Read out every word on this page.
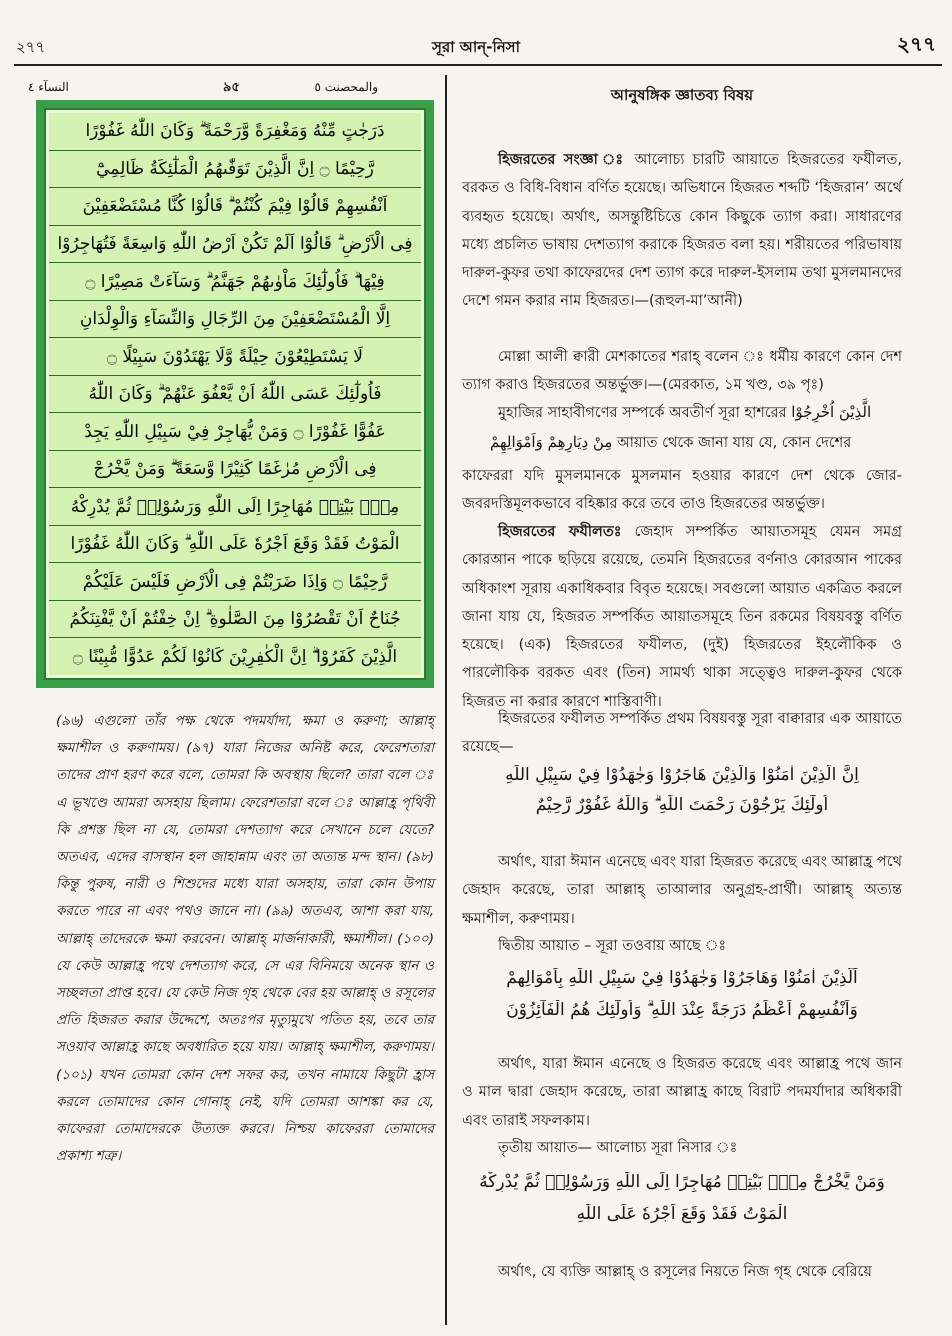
২৭৭	সূরা আন্-নিসা	২৭৭
النسآء ٤	৯৫	والمحصنت ٥
دَرَجٰتٍ مِّنْهُ وَمَغْفِرَةً وَّرَحْمَةً ۗ وَكَانَ اللّٰهُ غَفُوْرًا
رَّحِيْمًا ۝ اِنَّ الَّذِيْنَ تَوَفّٰىهُمُ الْمَلٰٓئِكَةُ ظَالِمِيْٓ
اَنْفُسِهِمْ قَالُوْا فِيْمَ كُنْتُمْ ۗ قَالُوْا كُنَّا مُسْتَضْعَفِيْنَ
فِى الْاَرْضِ ۗ قَالُوْٓا اَلَمْ تَكُنْ اَرْضُ اللّٰهِ وَاسِعَةً فَتُهَاجِرُوْا
فِيْهَا ۗ فَاُولٰٓئِكَ مَاْوٰىهُمْ جَهَنَّمُ ۗ وَسَآءَتْ مَصِيْرًا ۝
اِلَّا الْمُسْتَضْعَفِيْنَ مِنَ الرِّجَالِ وَالنِّسَآءِ وَالْوِلْدَانِ
لَا يَسْتَطِيْعُوْنَ حِيْلَةً وَّلَا يَهْتَدُوْنَ سَبِيْلًا ۝
فَاُولٰٓئِكَ عَسَى اللّٰهُ اَنْ يَّعْفُوَ عَنْهُمْ ۗ وَكَانَ اللّٰهُ
عَفُوًّا غَفُوْرًا ۝ وَمَنْ يُّهَاجِرْ فِيْ سَبِيْلِ اللّٰهِ يَجِدْ
فِى الْاَرْضِ مُرٰغَمًا كَثِيْرًا وَّسَعَةً ۗ وَمَنْ يَّخْرُجْ
مِنْۢ بَيْتِهٖ مُهَاجِرًا اِلَى اللّٰهِ وَرَسُوْلِهٖ ثُمَّ يُدْرِكْهُ
الْمَوْتُ فَقَدْ وَقَعَ اَجْرُهٗ عَلَى اللّٰهِ ۗ وَكَانَ اللّٰهُ غَفُوْرًا
رَّحِيْمًا ۝ وَاِذَا ضَرَبْتُمْ فِى الْاَرْضِ فَلَيْسَ عَلَيْكُمْ
جُنَاحٌ اَنْ تَقْصُرُوْا مِنَ الصَّلٰوةِ ۗ اِنْ خِفْتُمْ اَنْ يَّفْتِنَكُمُ
الَّذِيْنَ كَفَرُوْا ۗ اِنَّ الْكٰفِرِيْنَ كَانُوْا لَكُمْ عَدُوًّا مُّبِيْنًا ۝
(৯৬) এগুলো তাঁর পক্ষ থেকে পদমর্যাদা, ক্ষমা ও করুণা; আল্লাহ্ ক্ষমাশীল ও করুণাময়। (৯৭) যারা নিজের অনিষ্ট করে, ফেরেশতারা তাদের প্রাণ হরণ করে বলে, তোমরা কি অবস্থায় ছিলে? তারা বলে ঃ এ ভূখণ্ডে আমরা অসহায় ছিলাম। ফেরেশতারা বলে ঃ আল্লাহ্র পৃথিবী কি প্রশস্ত ছিল না যে, তোমরা দেশত্যাগ করে সেখানে চলে যেতে? অতএব, এদের বাসস্থান হল জাহান্নাম এবং তা অত্যন্ত মন্দ স্থান। (৯৮) কিন্তু পুরুষ, নারী ও শিশুদের মধ্যে যারা অসহায়, তারা কোন উপায় করতে পারে না এবং পথও জানে না। (৯৯) অতএব, আশা করা যায়, আল্লাহ্ তাদেরকে ক্ষমা করবেন। আল্লাহ্ মার্জনাকারী, ক্ষমাশীল। (১০০) যে কেউ আল্লাহ্র পথে দেশত্যাগ করে, সে এর বিনিময়ে অনেক স্থান ও সচ্ছলতা প্রাপ্ত হবে। যে কেউ নিজ গৃহ থেকে বের হয় আল্লাহ্ ও রসূলের প্রতি হিজরত করার উদ্দেশে, অতঃপর মৃত্যুমুখে পতিত হয়, তবে তার সওয়াব আল্লাহ্র কাছে অবধারিত হয়ে যায়। আল্লাহ্ ক্ষমাশীল, করুণাময়। (১০১) যখন তোমরা কোন দেশ সফর কর, তখন নামাযে কিছুটা হ্রাস করলে তোমাদের কোন গোনাহ্ নেই, যদি তোমরা আশঙ্কা কর যে, কাফেররা তোমাদেরকে উত্যক্ত করবে। নিশ্চয় কাফেররা তোমাদের প্রকাশ্য শত্রু।
আনুষঙ্গিক জ্ঞাতব্য বিষয়
হিজরতের সংজ্ঞা ঃ আলোচ্য চারটি আয়াতে হিজরতের ফযীলত, বরকত ও বিধি-বিধান বর্ণিত হয়েছে। অভিধানে হিজরত শব্দটি ‘হিজরান’ অর্থে ব্যবহৃত হয়েছে। অর্থাৎ, অসন্তুষ্টিচিত্তে কোন কিছুকে ত্যাগ করা। সাধারণের মধ্যে প্রচলিত ভাষায় দেশত্যাগ করাকে হিজরত বলা হয়। শরীয়তের পরিভাষায় দারুল-কুফর তথা কাফেরদের দেশ ত্যাগ করে দারুল-ইসলাম তথা মুসলমানদের দেশে গমন করার নাম হিজরত।—(রূহুল-মা’আনী)
মোল্লা আলী ক্বারী মেশকাতের শরাহ্ বলেন ঃ ধর্মীয় কারণে কোন দেশ ত্যাগ করাও হিজরতের অন্তর্ভুক্ত।—(মেরকাত, ১ম খণ্ড, ৩৯ পৃঃ)
মুহাজির সাহাবীগণের সম্পর্কে অবতীর্ণ সূরা হাশরের الَّذِيْنَ اُخْرِجُوْا
مِنْ دِيَارِهِمْ وَاَمْوَالِهِمْ আয়াত থেকে জানা যায় যে, কোন দেশের
কাফেররা যদি মুসলমানকে মুসলমান হওয়ার কারণে দেশ থেকে জোর-জবরদস্তিমূলকভাবে বহিষ্কার করে তবে তাও হিজরতের অন্তর্ভুক্ত।
হিজরতের ফযীলতঃ জেহাদ সম্পর্কিত আয়াতসমূহ যেমন সমগ্র কোরআন পাকে ছড়িয়ে রয়েছে, তেমনি হিজরতের বর্ণনাও কোরআন পাকের অধিকাংশ সূরায় একাধিকবার বিবৃত হয়েছে। সবগুলো আয়াত একত্রিত করলে জানা যায় যে, হিজরত সম্পর্কিত আয়াতসমূহে তিন রকমের বিষয়বস্তু বর্ণিত হয়েছে। (এক) হিজরতের ফযীলত, (দুই) হিজরতের ইহলৌকিক ও পারলৌকিক বরকত এবং (তিন) সামর্থ্য থাকা সত্ত্বেও দারুল-কুফর থেকে হিজরত না করার কারণে শাস্তিবাণী।
হিজরতের ফযীলত সম্পর্কিত প্রথম বিষয়বস্তু সূরা বাক্বারার এক আয়াতে রয়েছে—
اِنَّ الَّذِيْنَ اٰمَنُوْا وَالَّذِيْنَ هَاجَرُوْا وَجٰهَدُوْا فِيْ سَبِيْلِ اللّٰهِ
اُولٰٓئِكَ يَرْجُوْنَ رَحْمَتَ اللّٰهِ ۗ وَاللّٰهُ غَفُوْرٌ رَّحِيْمٌ
অর্থাৎ, যারা ঈমান এনেছে এবং যারা হিজরত করেছে এবং আল্লাহ্র পথে জেহাদ করেছে, তারা আল্লাহ্ তাআলার অনুগ্রহ-প্রার্থী। আল্লাহ্ অত্যন্ত ক্ষমাশীল, করুণাময়।
দ্বিতীয় আয়াত – সূরা তওবায় আছে ঃ
اَلَّذِيْنَ اٰمَنُوْا وَهَاجَرُوْا وَجٰهَدُوْا فِيْ سَبِيْلِ اللّٰهِ بِاَمْوَالِهِمْ
وَاَنْفُسِهِمْ اَعْظَمُ دَرَجَةً عِنْدَ اللّٰهِ ۗ وَاُولٰٓئِكَ هُمُ الْفَآئِزُوْنَ
অর্থাৎ, যারা ঈমান এনেছে ও হিজরত করেছে এবং আল্লাহ্র পথে জান ও মাল দ্বারা জেহাদ করেছে, তারা আল্লাহ্র কাছে বিরাট পদমর্যাদার অধিকারী এবং তারাই সফলকাম।
তৃতীয় আয়াত— আলোচ্য সূরা নিসার ঃ
وَمَنْ يَّخْرُجْ مِنْۢ بَيْتِهٖ مُهَاجِرًا اِلَى اللّٰهِ وَرَسُوْلِهٖ ثُمَّ يُدْرِكْهُ
الْمَوْتُ فَقَدْ وَقَعَ اَجْرُهٗ عَلَى اللّٰهِ
অর্থাৎ, যে ব্যক্তি আল্লাহ্ ও রসূলের নিয়তে নিজ গৃহ থেকে বেরিয়ে
